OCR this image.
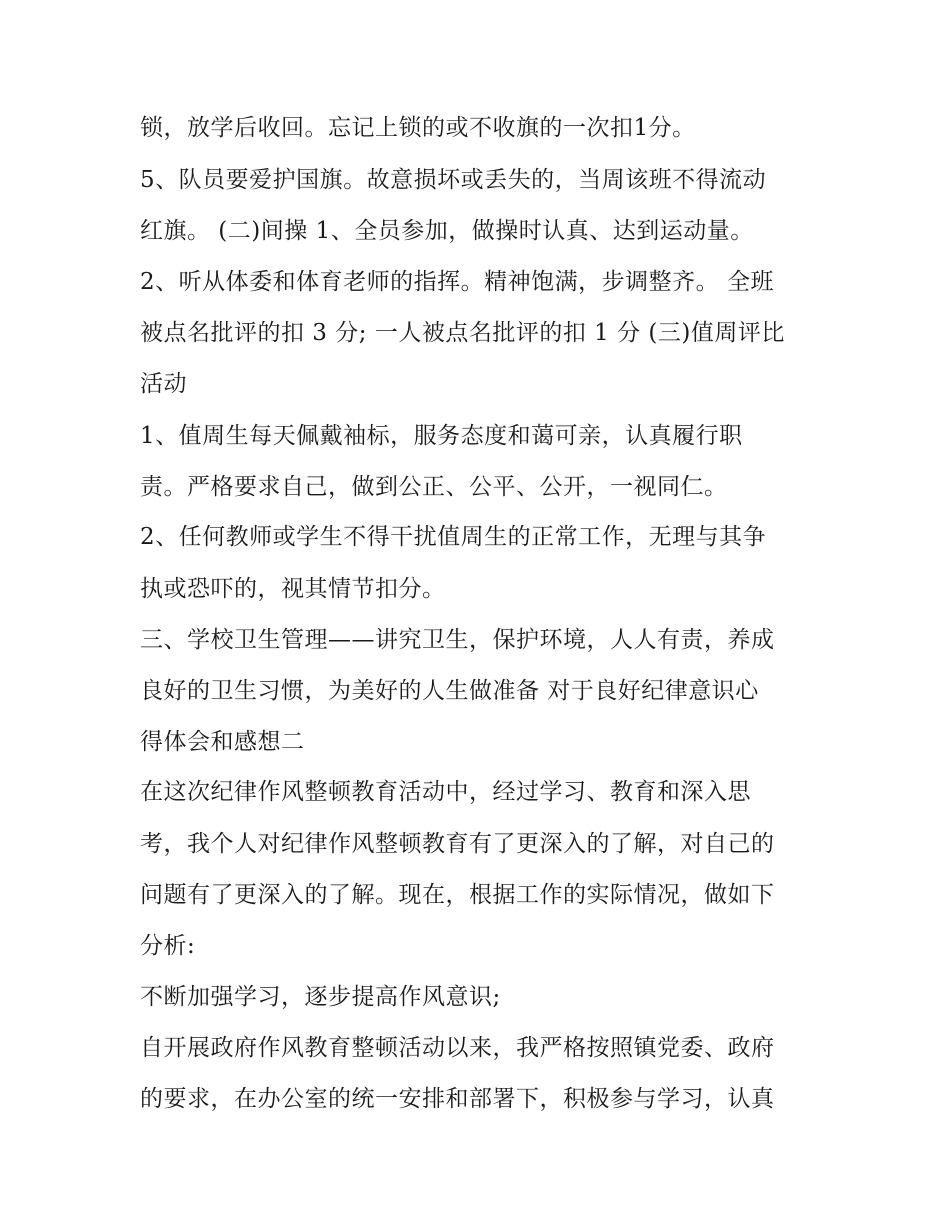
锁，放学后收回。忘记上锁的或不收旗的一次扣1分。
5、队员要爱护国旗。故意损坏或丢失的，当周该班不得流动
红旗。 (二)间操 1、全员参加，做操时认真、达到运动量。
2、听从体委和体育老师的指挥。精神饱满，步调整齐。 全班
被点名批评的扣 3 分; 一人被点名批评的扣 1 分 (三)值周评比
活动
1、值周生每天佩戴袖标，服务态度和蔼可亲，认真履行职
责。严格要求自己，做到公正、公平、公开，一视同仁。
2、任何教师或学生不得干扰值周生的正常工作，无理与其争
执或恐吓的，视其情节扣分。
三、学校卫生管理——讲究卫生，保护环境，人人有责，养成
良好的卫生习惯，为美好的人生做准备 对于良好纪律意识心
得体会和感想二
在这次纪律作风整顿教育活动中，经过学习、教育和深入思
考，我个人对纪律作风整顿教育有了更深入的了解，对自己的
问题有了更深入的了解。现在，根据工作的实际情况，做如下
分析:
不断加强学习，逐步提高作风意识;
自开展政府作风教育整顿活动以来，我严格按照镇党委、政府
的要求，在办公室的统一安排和部署下，积极参与学习，认真
